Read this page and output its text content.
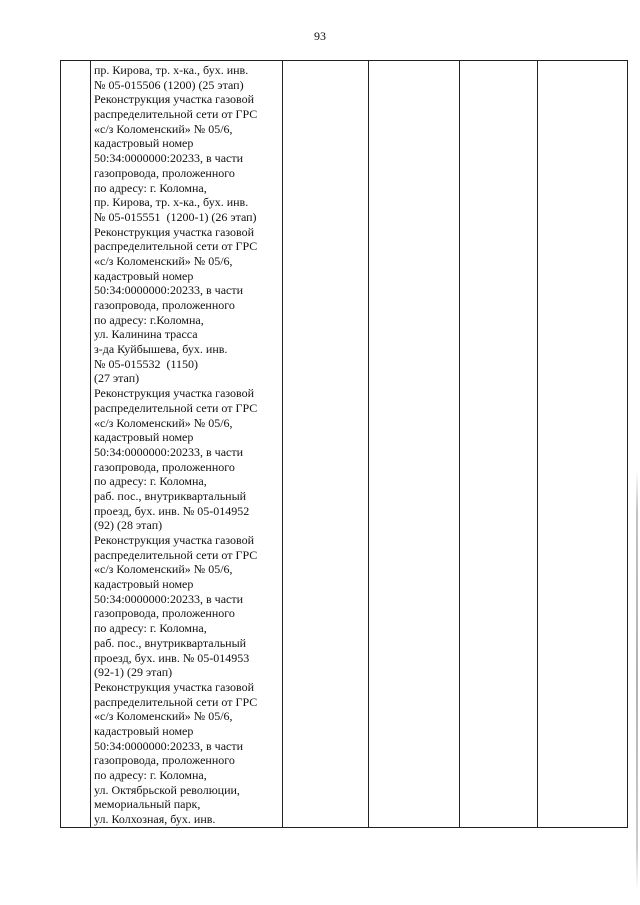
93
пр. Кирова, тр. х-ка., бух. инв.
№ 05-015506 (1200) (25 этап)
Реконструкция участка газовой
распределительной сети от ГРС
«с/з Коломенский» № 05/6,
кадастровый номер
50:34:0000000:20233, в части
газопровода, проложенного
по адресу: г. Коломна,
пр. Кирова, тр. х-ка., бух. инв.
№ 05-015551  (1200-1) (26 этап)
Реконструкция участка газовой
распределительной сети от ГРС
«с/з Коломенский» № 05/6,
кадастровый номер
50:34:0000000:20233, в части
газопровода, проложенного
по адресу: г.Коломна,
ул. Калинина трасса
з-да Куйбышева, бух. инв.
№ 05-015532  (1150)
(27 этап)
Реконструкция участка газовой
распределительной сети от ГРС
«с/з Коломенский» № 05/6,
кадастровый номер
50:34:0000000:20233, в части
газопровода, проложенного
по адресу: г. Коломна,
раб. пос., внутриквартальный
проезд, бух. инв. № 05-014952
(92) (28 этап)
Реконструкция участка газовой
распределительной сети от ГРС
«с/з Коломенский» № 05/6,
кадастровый номер
50:34:0000000:20233, в части
газопровода, проложенного
по адресу: г. Коломна,
раб. пос., внутриквартальный
проезд, бух. инв. № 05-014953
(92-1) (29 этап)
Реконструкция участка газовой
распределительной сети от ГРС
«с/з Коломенский» № 05/6,
кадастровый номер
50:34:0000000:20233, в части
газопровода, проложенного
по адресу: г. Коломна,
ул. Октябрьской революции,
мемориальный парк,
ул. Колхозная, бух. инв.
